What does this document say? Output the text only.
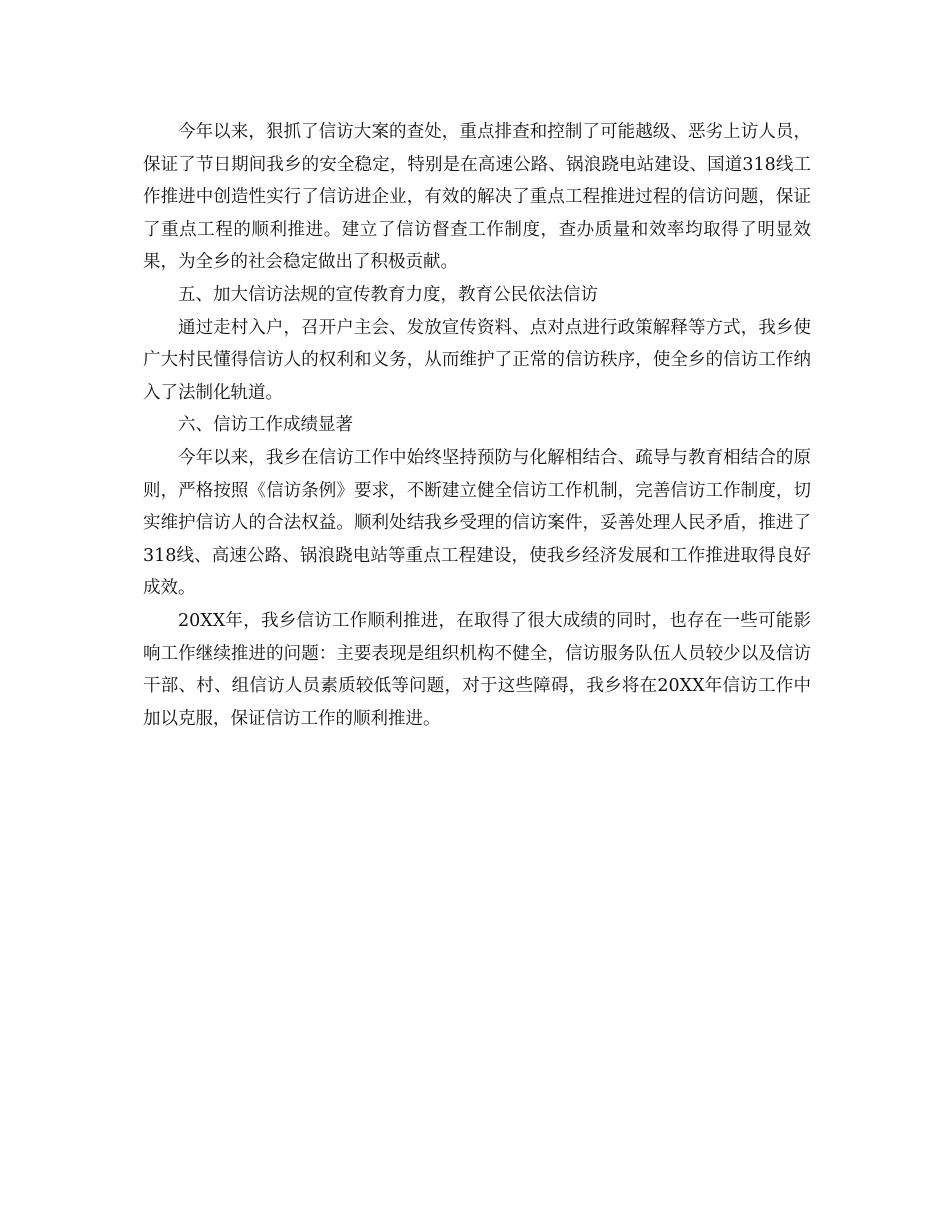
今年以来，狠抓了信访大案的查处，重点排查和控制了可能越级、恶劣上访人员，保证了节日期间我乡的安全稳定，特别是在高速公路、锅浪跷电站建设、国道318线工作推进中创造性实行了信访进企业，有效的解决了重点工程推进过程的信访问题，保证了重点工程的顺利推进。建立了信访督查工作制度，查办质量和效率均取得了明显效果，为全乡的社会稳定做出了积极贡献。

五、加大信访法规的宣传教育力度，教育公民依法信访

通过走村入户，召开户主会、发放宣传资料、点对点进行政策解释等方式，我乡使广大村民懂得信访人的权利和义务，从而维护了正常的信访秩序，使全乡的信访工作纳入了法制化轨道。

六、信访工作成绩显著

今年以来，我乡在信访工作中始终坚持预防与化解相结合、疏导与教育相结合的原则，严格按照《信访条例》要求，不断建立健全信访工作机制，完善信访工作制度，切实维护信访人的合法权益。顺利处结我乡受理的信访案件，妥善处理人民矛盾，推进了318线、高速公路、锅浪跷电站等重点工程建设，使我乡经济发展和工作推进取得良好成效。

20XX年，我乡信访工作顺利推进，在取得了很大成绩的同时，也存在一些可能影响工作继续推进的问题：主要表现是组织机构不健全，信访服务队伍人员较少以及信访干部、村、组信访人员素质较低等问题，对于这些障碍，我乡将在20XX年信访工作中加以克服，保证信访工作的顺利推进。
